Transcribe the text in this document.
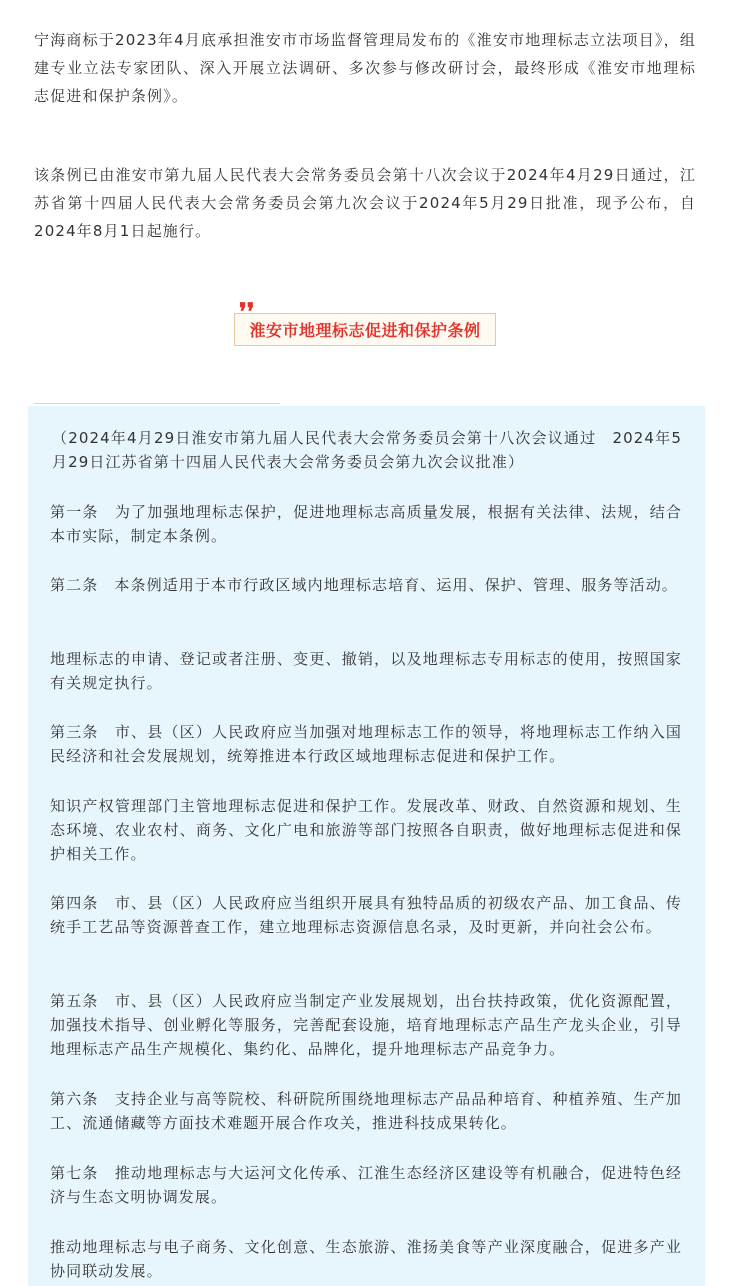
宁海商标于2023年4月底承担淮安市市场监督管理局发布的《淮安市地理标志立法项目》，组建专业立法专家团队、深入开展立法调研、多次参与修改研讨会，最终形成《淮安市地理标志促进和保护条例》。

该条例已由淮安市第九届人民代表大会常务委员会第十八次会议于2024年4月29日通过，江苏省第十四届人民代表大会常务委员会第九次会议于2024年5月29日批准，现予公布，自2024年8月1日起施行。

淮安市地理标志促进和保护条例
❜❜

（2024年4月29日淮安市第九届人民代表大会常务委员会第十八次会议通过　2024年5月29日江苏省第十四届人民代表大会常务委员会第九次会议批准）

第一条　为了加强地理标志保护，促进地理标志高质量发展，根据有关法律、法规，结合本市实际，制定本条例。

第二条　本条例适用于本市行政区域内地理标志培育、运用、保护、管理、服务等活动。

地理标志的申请、登记或者注册、变更、撤销，以及地理标志专用标志的使用，按照国家有关规定执行。

第三条　市、县（区）人民政府应当加强对地理标志工作的领导，将地理标志工作纳入国民经济和社会发展规划，统筹推进本行政区域地理标志促进和保护工作。

知识产权管理部门主管地理标志促进和保护工作。发展改革、财政、自然资源和规划、生态环境、农业农村、商务、文化广电和旅游等部门按照各自职责，做好地理标志促进和保护相关工作。

第四条　市、县（区）人民政府应当组织开展具有独特品质的初级农产品、加工食品、传统手工艺品等资源普查工作，建立地理标志资源信息名录，及时更新，并向社会公布。

第五条　市、县（区）人民政府应当制定产业发展规划，出台扶持政策，优化资源配置，加强技术指导、创业孵化等服务，完善配套设施，培育地理标志产品生产龙头企业，引导地理标志产品生产规模化、集约化、品牌化，提升地理标志产品竞争力。

第六条　支持企业与高等院校、科研院所围绕地理标志产品品种培育、种植养殖、生产加工、流通储藏等方面技术难题开展合作攻关，推进科技成果转化。

第七条　推动地理标志与大运河文化传承、江淮生态经济区建设等有机融合，促进特色经济与生态文明协调发展。

推动地理标志与电子商务、文化创意、生态旅游、淮扬美食等产业深度融合，促进多产业协同联动发展。
